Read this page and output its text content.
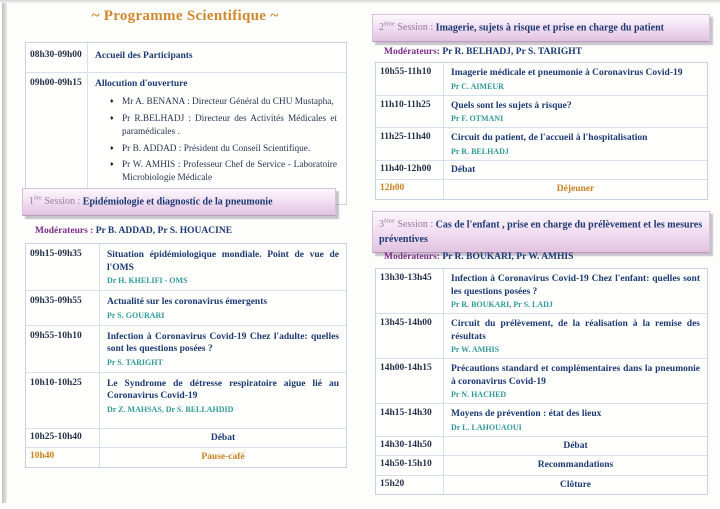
~ Programme Scientifique ~
08h30-09h00	Accueil des Participants
09h00-09h15	Allocution d'ouverture
♦ Mr A. BENANA : Directeur Général du CHU Mustapha,
♦ Pr R.BELHADJ : Directeur des Activités Médicales et paramédicales .
♦ Pr B. ADDAD : Président du Conseil Scientifique.
♦ Pr W. AMHIS : Professeur Chef de Service - Laboratoire Microbiologie Médicale
1ère Session : Epidémiologie et diagnostic de la pneumonie
Modérateurs : Pr B. ADDAD, Pr S. HOUACINE
09h15-09h35	Situation épidémiologique mondiale. Point de vue de l'OMS
Dr H. KHELIFI - OMS
09h35-09h55	Actualité sur les coronavirus émergents
Pr S. GOURARI
09h55-10h10	Infection à Coronavirus Covid-19 Chez l'adulte: quelles sont les questions posées ?
Pr S. TARIGHT
10h10-10h25	Le Syndrome de détresse respiratoire aigue lié au Coronavirus Covid-19
Dr Z. MAHSAS, Dr S. BELLAHDID
10h25-10h40	Débat
10h40	Pause-café
2ème Session : Imagerie, sujets à risque et prise en charge du patient
Modérateurs: Pr R. BELHADJ, Pr S. TARIGHT
10h55-11h10	Imagerie médicale et pneumonie à Coronavirus Covid-19
Pr C. AIMEUR
11h10-11h25	Quels sont les sujets à risque?
Pr F. OTMANI
11h25-11h40	Circuit du patient, de l'accueil à l'hospitalisation
Pr R. BELHADJ
11h40-12h00	Débat
12h00	Déjeuner
3ème Session : Cas de l'enfant , prise en charge du prélèvement et les mesures préventives
Modérateurs: Pr R. BOUKARI, Pr W. AMHIS
13h30-13h45	Infection à Coronavirus Covid-19 Chez l'enfant: quelles sont les questions posées ?
Pr R. BOUKARI, Pr S. LADJ
13h45-14h00	Circuit du prélèvement, de la réalisation à la remise des résultats
Pr W. AMHIS
14h00-14h15	Précautions standard et complémentaires dans la pneumonie à coronavirus Covid-19
Pr N. HACHED
14h15-14h30	Moyens de prévention : état des lieux
Dr L. LAHOUAOUI
14h30-14h50	Débat
14h50-15h10	Recommandations
15h20	Clôture
